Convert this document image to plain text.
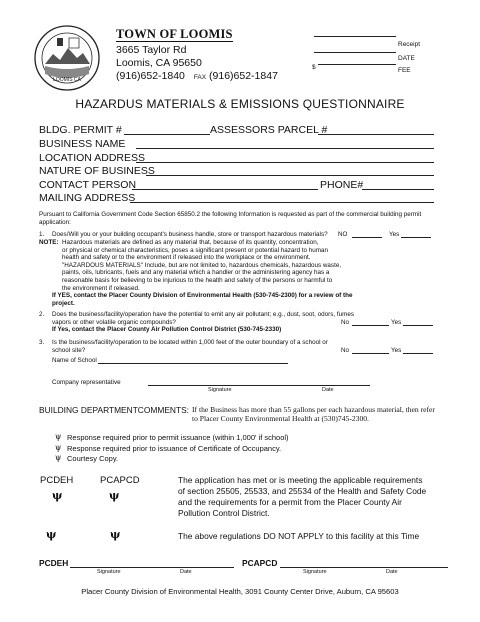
LOOMIS CA
TOWN OF LOOMIS
3665 Taylor Rd
Loomis, CA 95650
(916)652-1840 FAX (916)652-1847
Receipt
DATE
$	FEE
HAZARDUS MATERIALS & EMISSIONS QUESTIONNAIRE
BLDG. PERMIT #	ASSESSORS PARCEL #
BUSINESS NAME
LOCATION ADDRESS
NATURE OF BUSINESS
CONTACT PERSON	PHONE#
MAILING ADDRESS
Pursuant to California Government Code Section 65850.2 the following Information is requested as part of the commercial building permit
application:
1. Does/Will you or your building occupant's business handle, store or transport hazardous materials? NO	Yes
NOTE: Hazardous materials are defined as any material that, because of its quantity, concentration,
or physical or chemical characteristics, poses a significant present or potential hazard to human
health and safety or to the environment if released into the workplace or the environment.
"HAZARDOUS MATERIALS" Include, but are not limited to, hazardous chemicals, hazardous waste,
paints, oils, lubricants, fuels and any material which a handler or the administering agency has a
reasonable basis for believing to be injurious to the health and safety of the persons or harmful to
the environment if released.
If YES, contact the Placer County Division of Environmental Health (530-745-2300) for a review of the
project.
2. Does the business/facility/operation have the potential to emit any air pollutant; e.g., dust, soot, odors, fumes
vapors or other volatile organic compounds?	No	Yes
If Yes, contact the Placer County Air Pollution Control District (530-745-2330)
3. Is the business/facility/operation to be located within 1,000 feet of the outer boundary of a school or
school site?	No	Yes
Name of School
Company representative
Signature	Date
BUILDING DEPARTMENTCOMMENTS: If the Business has more than 55 gallons per each hazardous material, then refer
to Placer County Environmental Health at (530)745-2300.
ψ Response required prior to permit issuance (within 1,000' if school)
ψ Response required prior to issuance of Certificate of Occupancy.
ψ Courtesy Copy.
PCDEH	PCAPCD
ψ	ψ
ψ	ψ
The application has met or is meeting the applicable requirements
of section 25505, 25533, and 25534 of the Health and Safety Code
and the requirements for a permit from the Placer County Air
Pollution Control District.
The above regulations DO NOT APPLY to this facility at this Time
PCDEH
Signature	Date
PCAPCD
Signature	Date
Placer County Division of Environmental Health, 3091 County Center Drive, Auburn, CA 95603
